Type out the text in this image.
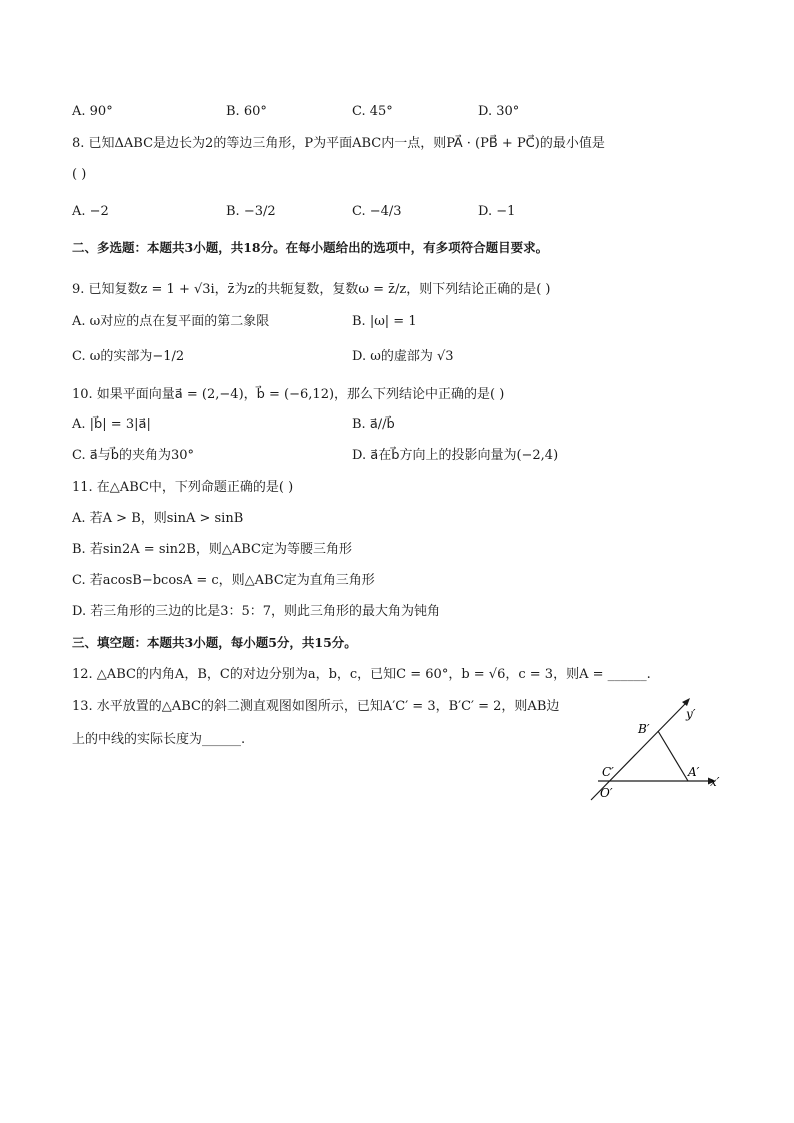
A. 90°	B. 60°	C. 45°	D. 30°
8. 已知ΔABC是边长为2的等边三角形，P为平面ABC内一点，则PA⃗ · (PB⃗ + PC⃗)的最小值是
( )
A. −2	B. −3/2	C. −4/3	D. −1
二、多选题：本题共3小题，共18分。在每小题给出的选项中，有多项符合题目要求。
9. 已知复数z = 1 + √3i，z̄为z的共轭复数，复数ω = z̄/z，则下列结论正确的是( )
A. ω对应的点在复平面的第二象限	B. |ω| = 1
C. ω的实部为−1/2	D. ω的虚部为 √3
10. 如果平面向量a⃗ = (2,−4)，b⃗ = (−6,12)，那么下列结论中正确的是( )
A. |b⃗| = 3|a⃗|	B. a⃗//b⃗
C. a⃗与b⃗的夹角为30°	D. a⃗在b⃗方向上的投影向量为(−2,4)
11. 在△ABC中，下列命题正确的是( )
A. 若A > B，则sinA > sinB
B. 若sin2A = sin2B，则△ABC定为等腰三角形
C. 若acosB−bcosA = c，则△ABC定为直角三角形
D. 若三角形的三边的比是3：5：7，则此三角形的最大角为钝角
三、填空题：本题共3小题，每小题5分，共15分。
12. △ABC的内角A，B，C的对边分别为a，b，c，已知C = 60°，b = √6，c = 3，则A = ______.
13. 水平放置的△ABC的斜二测直观图如图所示，已知A′C′ = 3，B′C′ = 2，则AB边
上的中线的实际长度为______.
B′
y′
C′	A′
x′
O′
